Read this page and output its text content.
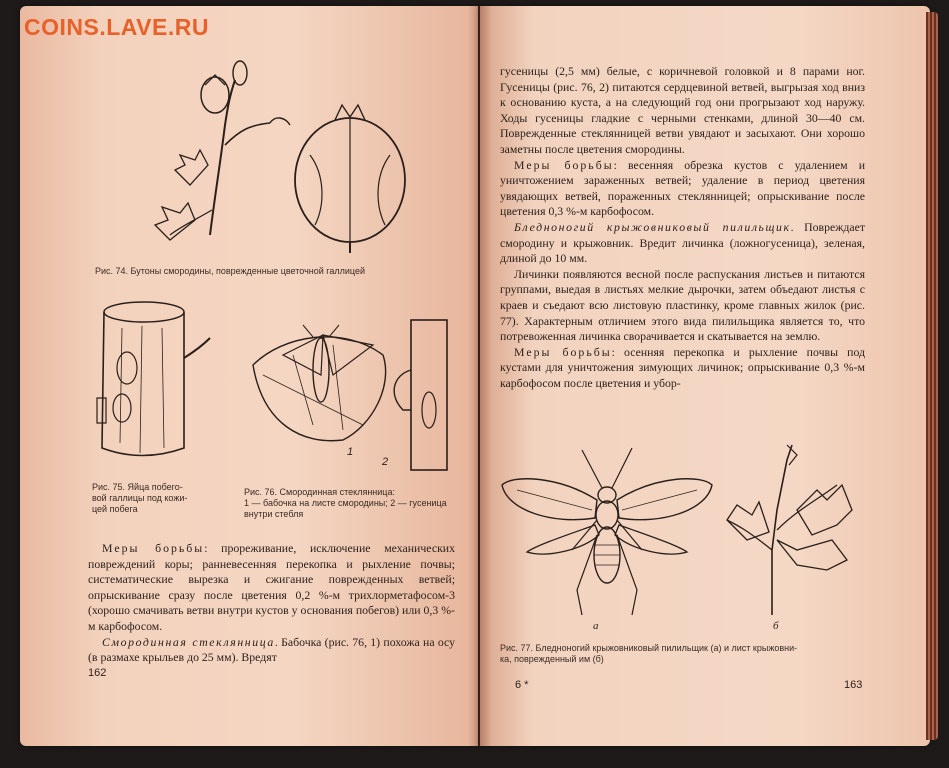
COINS.LAVE.RU
Рис. 74. Бутоны смородины, поврежденные цветочной галлицей
Рис. 75. Яйца побего-
вой галлицы под кожи-
цей побега
1
2
Рис. 76. Смородинная стеклянница:
1 — бабочка на листе смородины; 2 — гусеница
внутри стебля

Меры борьбы: прореживание, исключение механических повреждений коры; ранневесенняя перекопка и рыхление почвы; систематические вырезка и сжигание поврежденных ветвей; опрыскивание сразу после цветения 0,2 %-м трихлорметафосом-3 (хорошо смачивать ветви внутри кустов у основания побегов) или 0,3 %-м карбофосом.

Смородинная стеклянница. Бабочка (рис. 76, 1) похожа на осу (в размахе крыльев до 25 мм). Вредят

162

гусеницы (2,5 мм) белые, с коричневой головкой и 8 парами ног. Гусеницы (рис. 76, 2) питаются сердцевиной ветвей, выгрызая ход вниз к основанию куста, а на следующий год они прогрызают ход наружу. Ходы гусеницы гладкие с черными стенками, длиной 30—40 см. Поврежденные стеклянницей ветви увядают и засыхают. Они хорошо заметны после цветения смородины.

Меры борьбы: весенняя обрезка кустов с удалением и уничтожением зараженных ветвей; удаление в период цветения увядающих ветвей, пораженных стеклянницей; опрыскивание после цветения 0,3 %-м карбофосом.

Бледноногий крыжовниковый пилильщик. Повреждает смородину и крыжовник. Вредит личинка (ложногусеница), зеленая, длиной до 10 мм.

Личинки появляются весной после распускания листьев и питаются группами, выедая в листьях мелкие дырочки, затем объедают листья с краев и съедают всю листовую пластинку, кроме главных жилок (рис. 77). Характерным отличием этого вида пилильщика является то, что потревоженная личинка сворачивается и скатывается на землю.

Меры борьбы: осенняя перекопка и рыхление почвы под кустами для уничтожения зимующих личинок; опрыскивание 0,3 %-м карбофосом после цветения и убор-

а	б
Рис. 77. Бледноногий крыжовниковый пилильщик (а) и лист крыжовни-
ка, поврежденный им (б)
6 *	163
